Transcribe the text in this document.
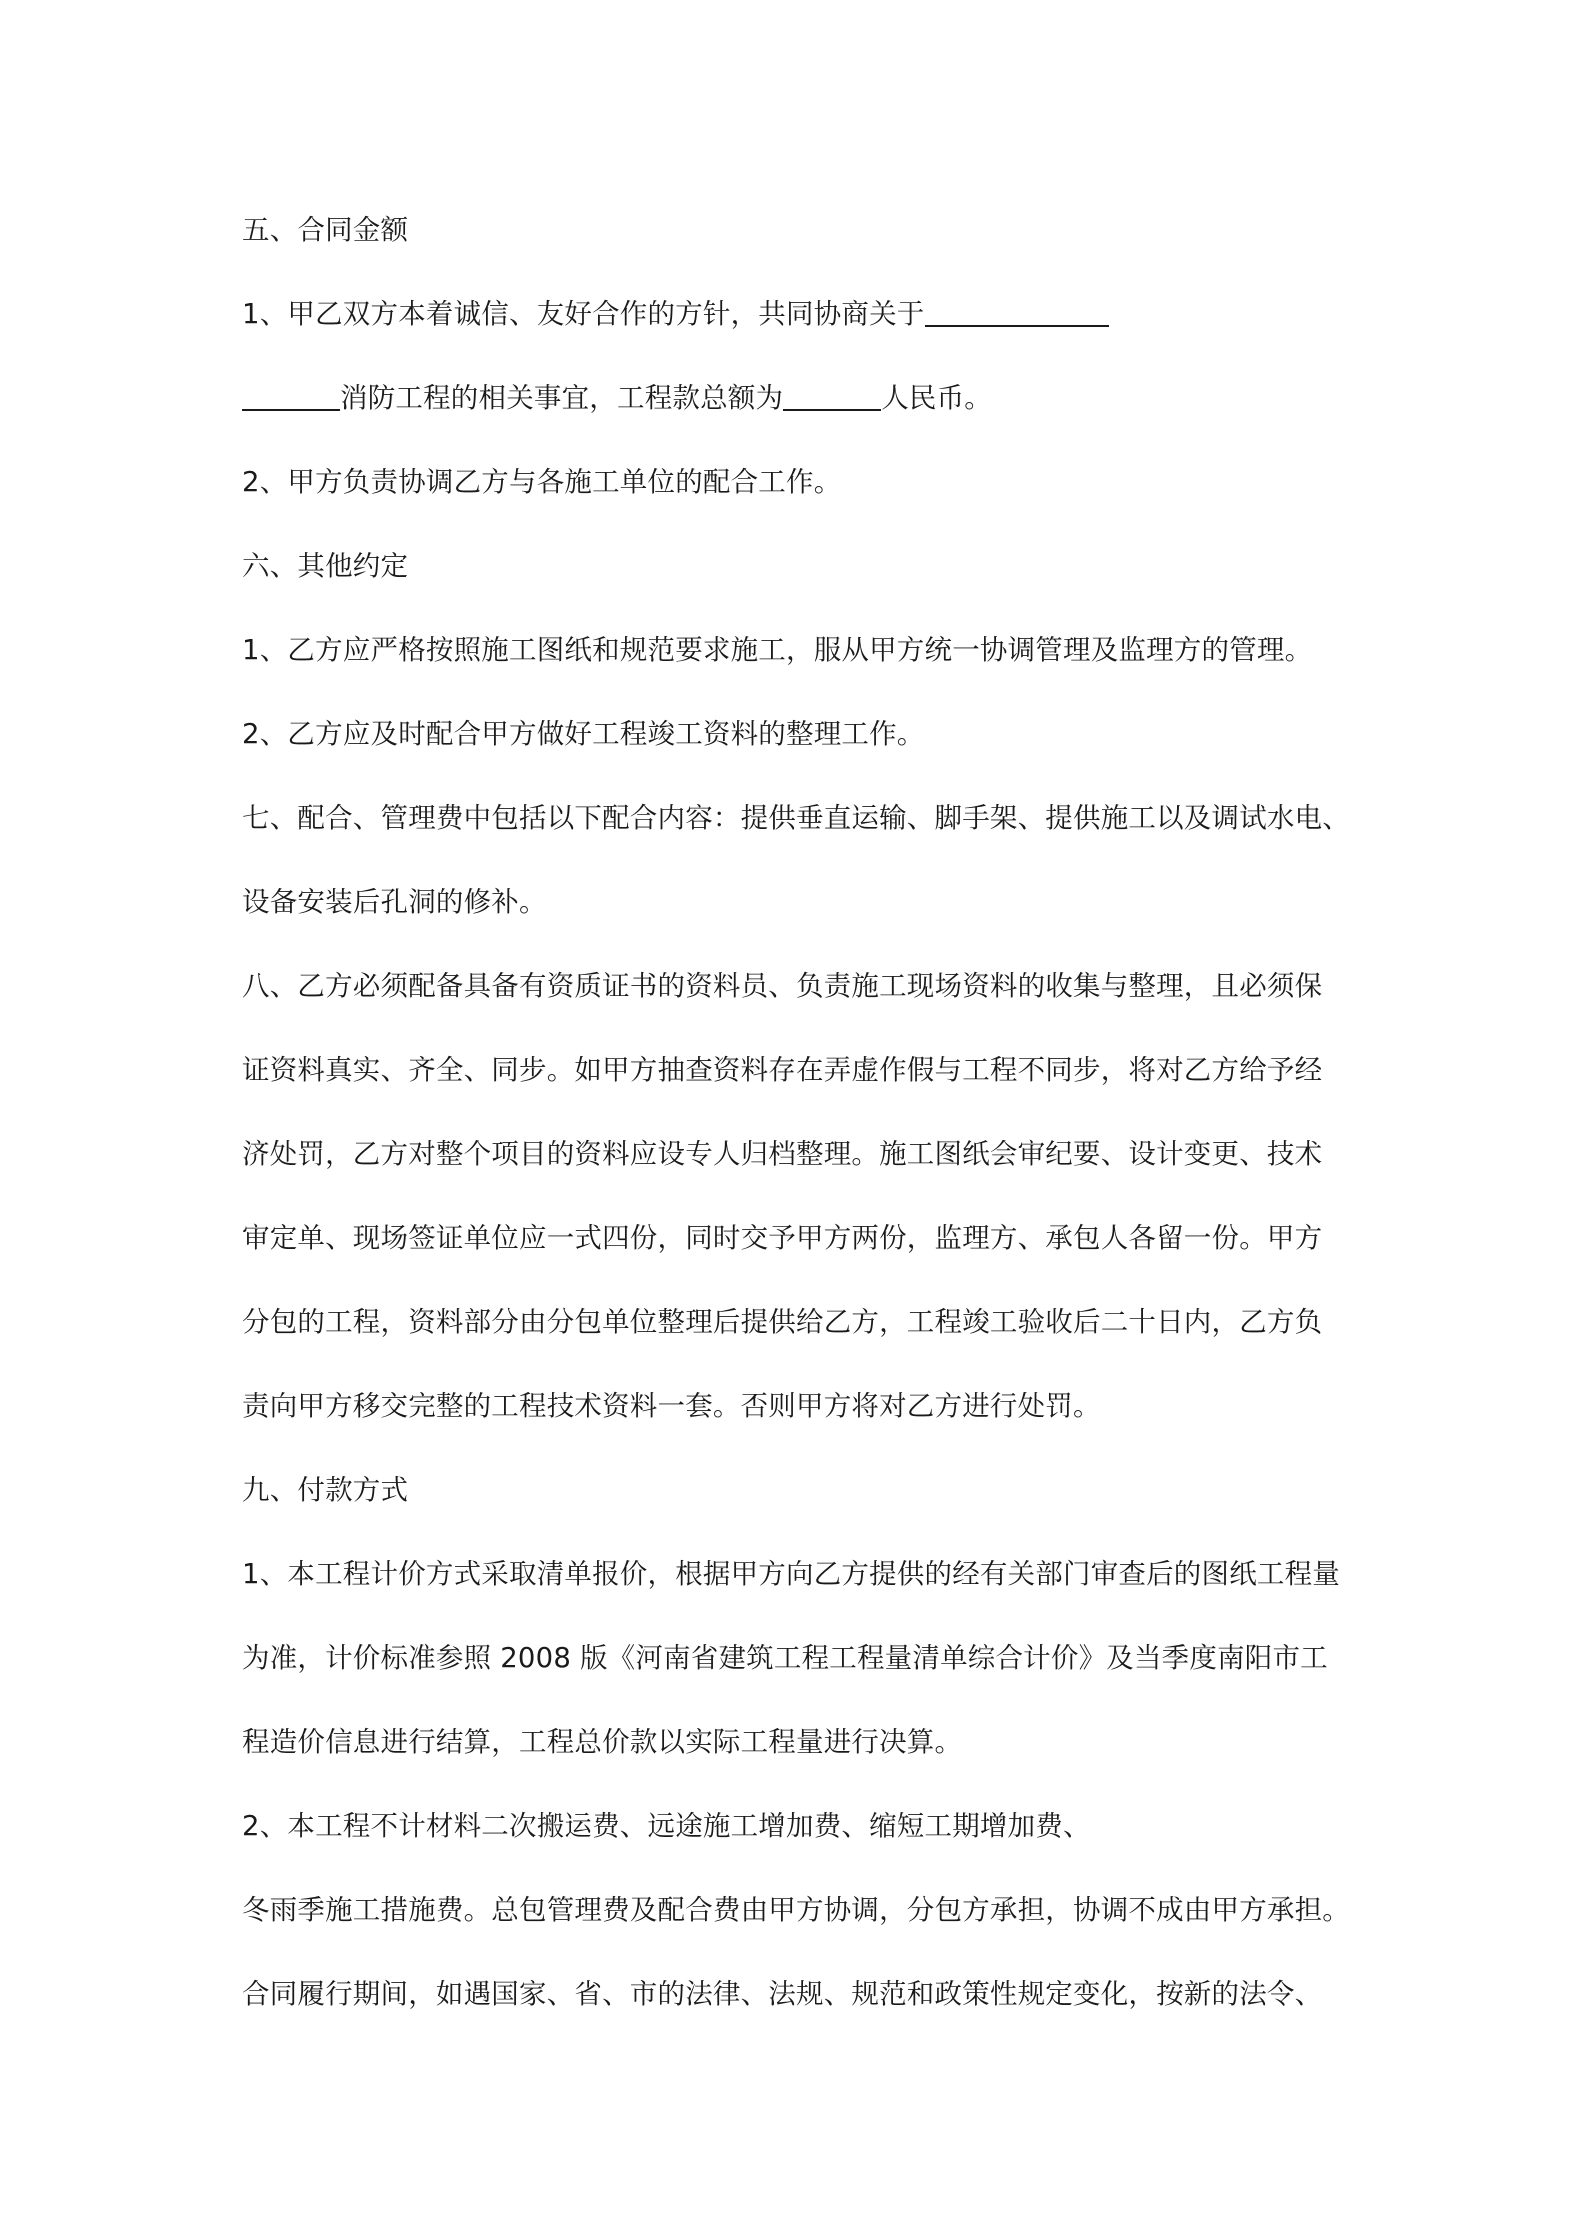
五、合同金额
1、甲乙双方本着诚信、友好合作的方针，共同协商关于
消防工程的相关事宜，工程款总额为	人民币。
2、甲方负责协调乙方与各施工单位的配合工作。
六、其他约定
1、乙方应严格按照施工图纸和规范要求施工，服从甲方统一协调管理及监理方的管理。
2、乙方应及时配合甲方做好工程竣工资料的整理工作。
七、配合、管理费中包括以下配合内容：提供垂直运输、脚手架、提供施工以及调试水电、
设备安装后孔洞的修补。
八、乙方必须配备具备有资质证书的资料员、负责施工现场资料的收集与整理，且必须保
证资料真实、齐全、同步。如甲方抽查资料存在弄虚作假与工程不同步，将对乙方给予经
济处罚，乙方对整个项目的资料应设专人归档整理。施工图纸会审纪要、设计变更、技术
审定单、现场签证单位应一式四份，同时交予甲方两份，监理方、承包人各留一份。甲方
分包的工程，资料部分由分包单位整理后提供给乙方，工程竣工验收后二十日内，乙方负
责向甲方移交完整的工程技术资料一套。否则甲方将对乙方进行处罚。
九、付款方式
1、本工程计价方式采取清单报价，根据甲方向乙方提供的经有关部门审查后的图纸工程量
为准，计价标准参照 2008 版《河南省建筑工程工程量清单综合计价》及当季度南阳市工
程造价信息进行结算，工程总价款以实际工程量进行决算。
2、本工程不计材料二次搬运费、远途施工增加费、缩短工期增加费、
冬雨季施工措施费。总包管理费及配合费由甲方协调，分包方承担，协调不成由甲方承担。
合同履行期间，如遇国家、省、市的法律、法规、规范和政策性规定变化，按新的法令、
